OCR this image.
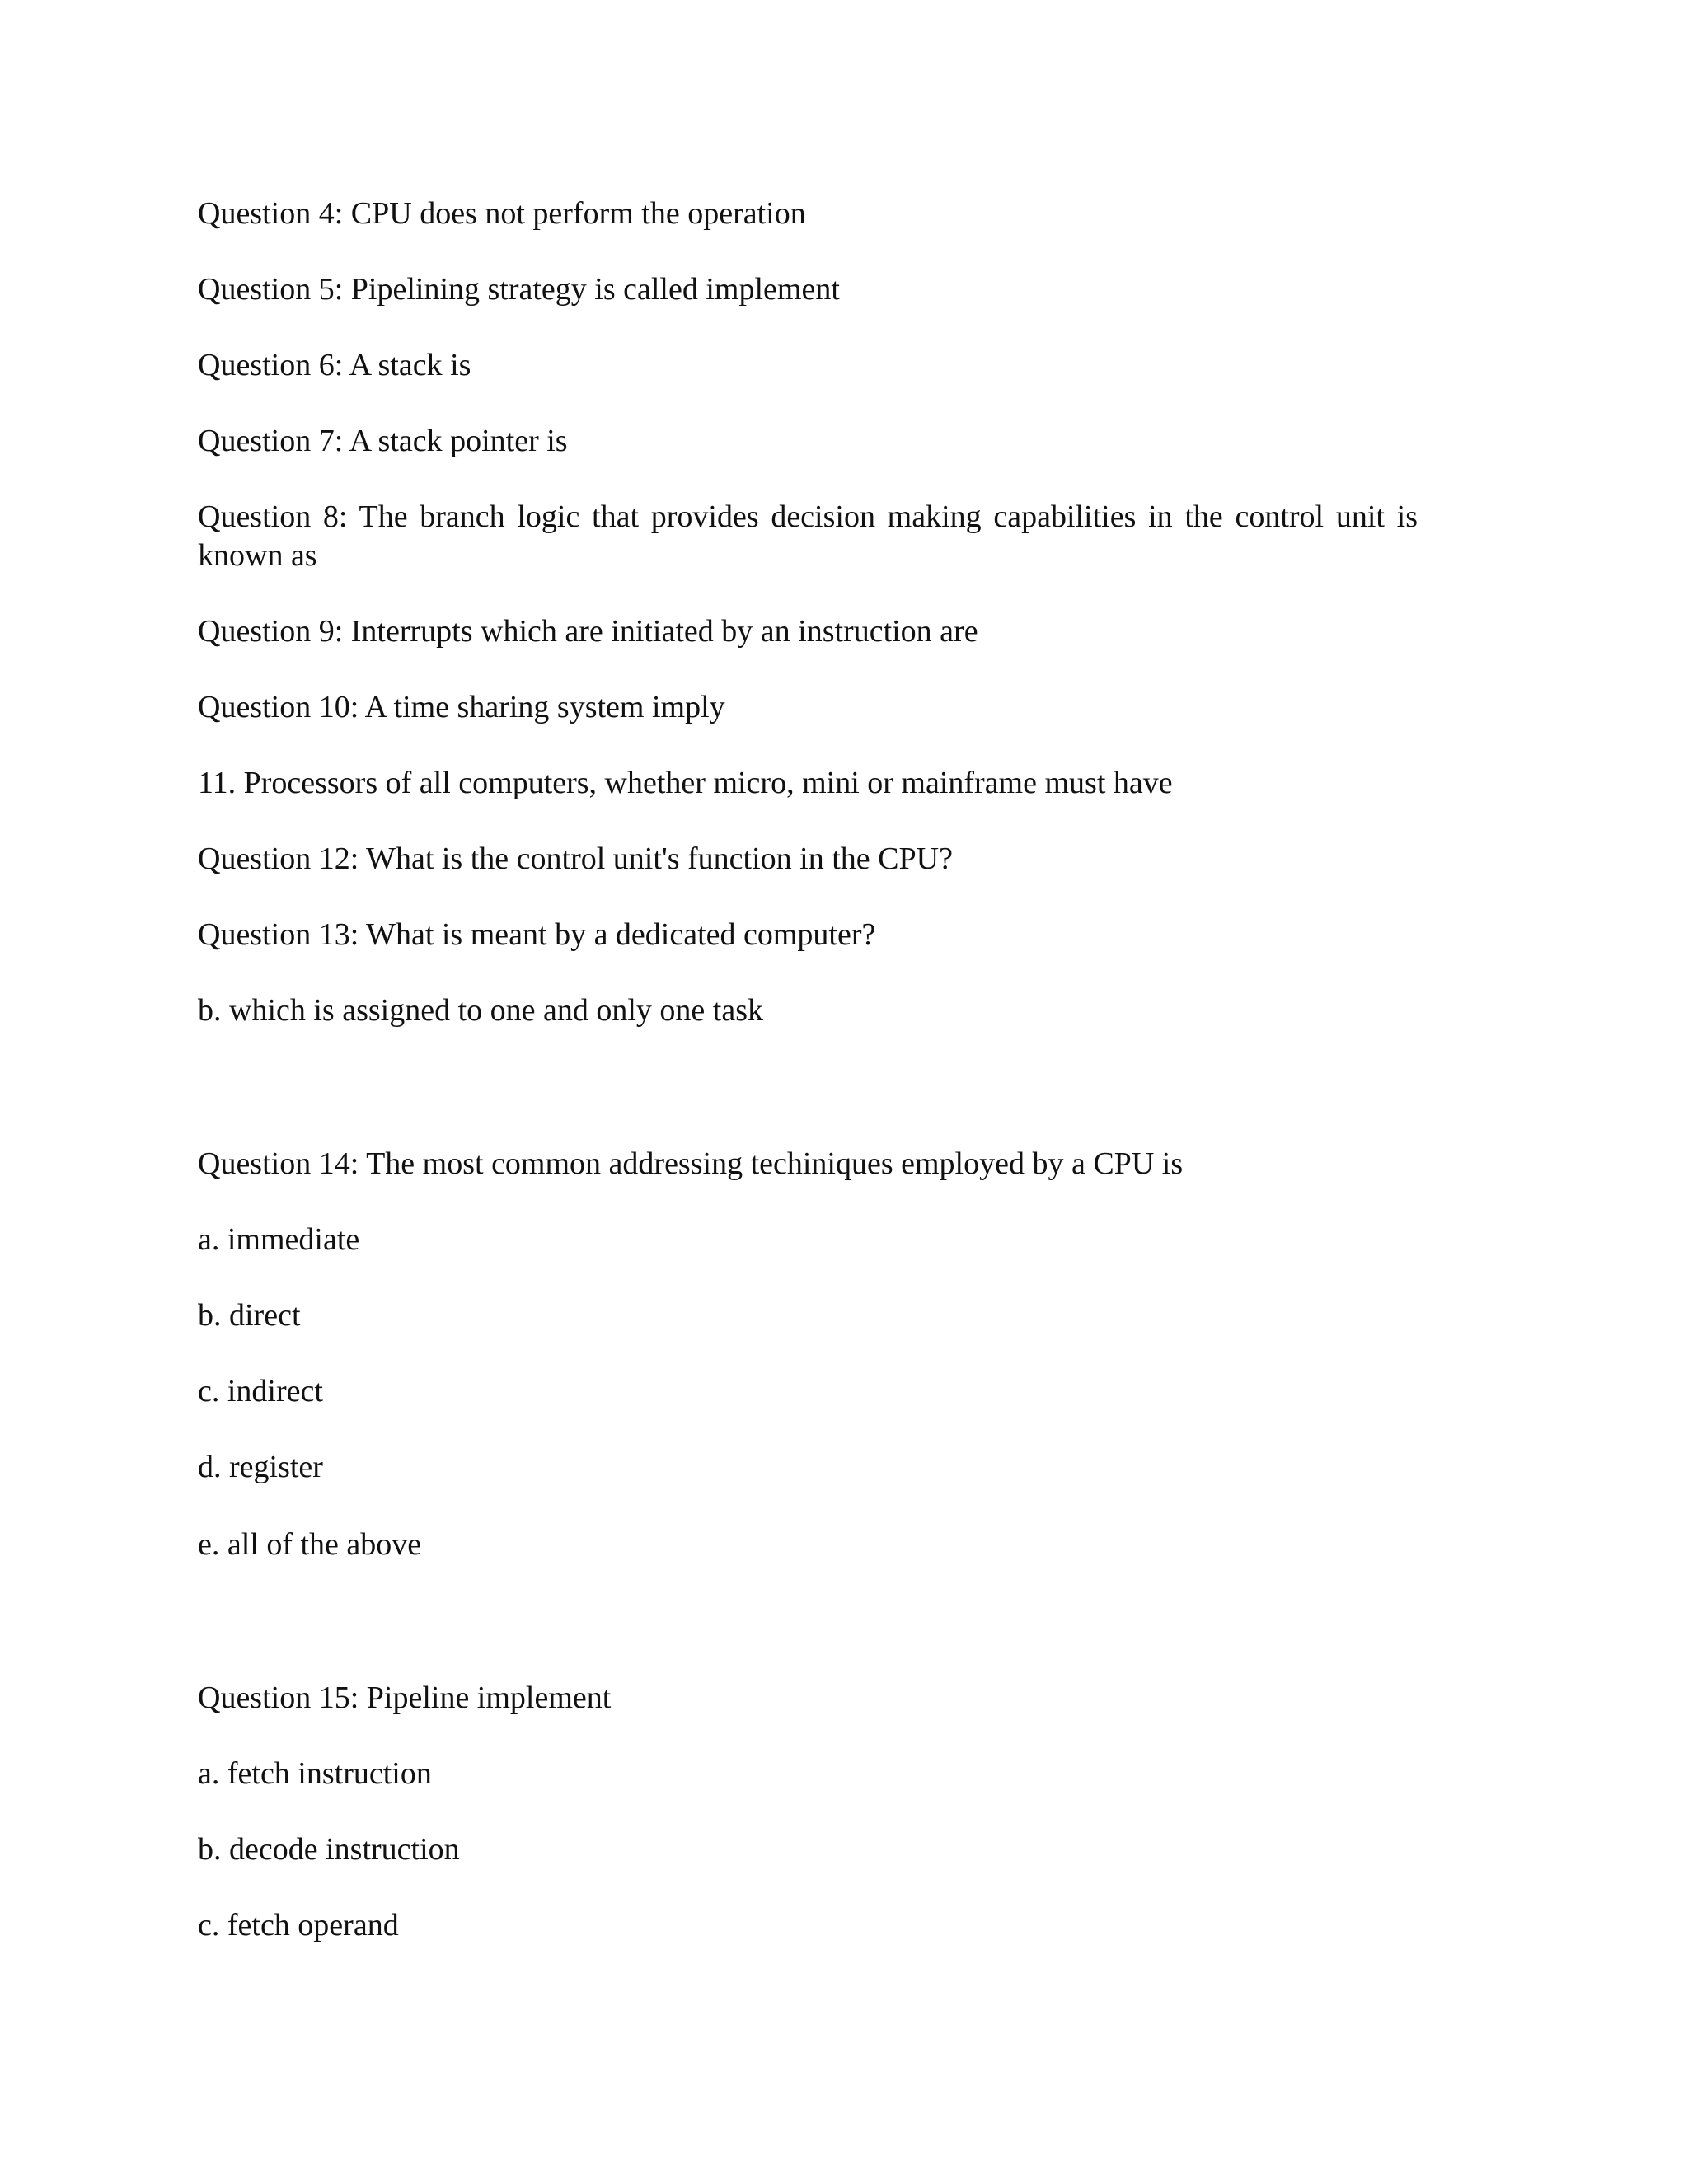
Question 4: CPU does not perform the operation

Question 5: Pipelining strategy is called implement

Question 6: A stack is

Question 7: A stack pointer is

Question 8: The branch logic that provides decision making capabilities in the control unit is known as

Question 9: Interrupts which are initiated by an instruction are

Question 10: A time sharing system imply

11. Processors of all computers, whether micro, mini or mainframe must have

Question 12: What is the control unit's function in the CPU?

Question 13: What is meant by a dedicated computer?

b. which is assigned to one and only one task

Question 14: The most common addressing techiniques employed by a CPU is

a. immediate

b. direct

c. indirect

d. register

e. all of the above

Question 15: Pipeline implement

a. fetch instruction

b. decode instruction

c. fetch operand
